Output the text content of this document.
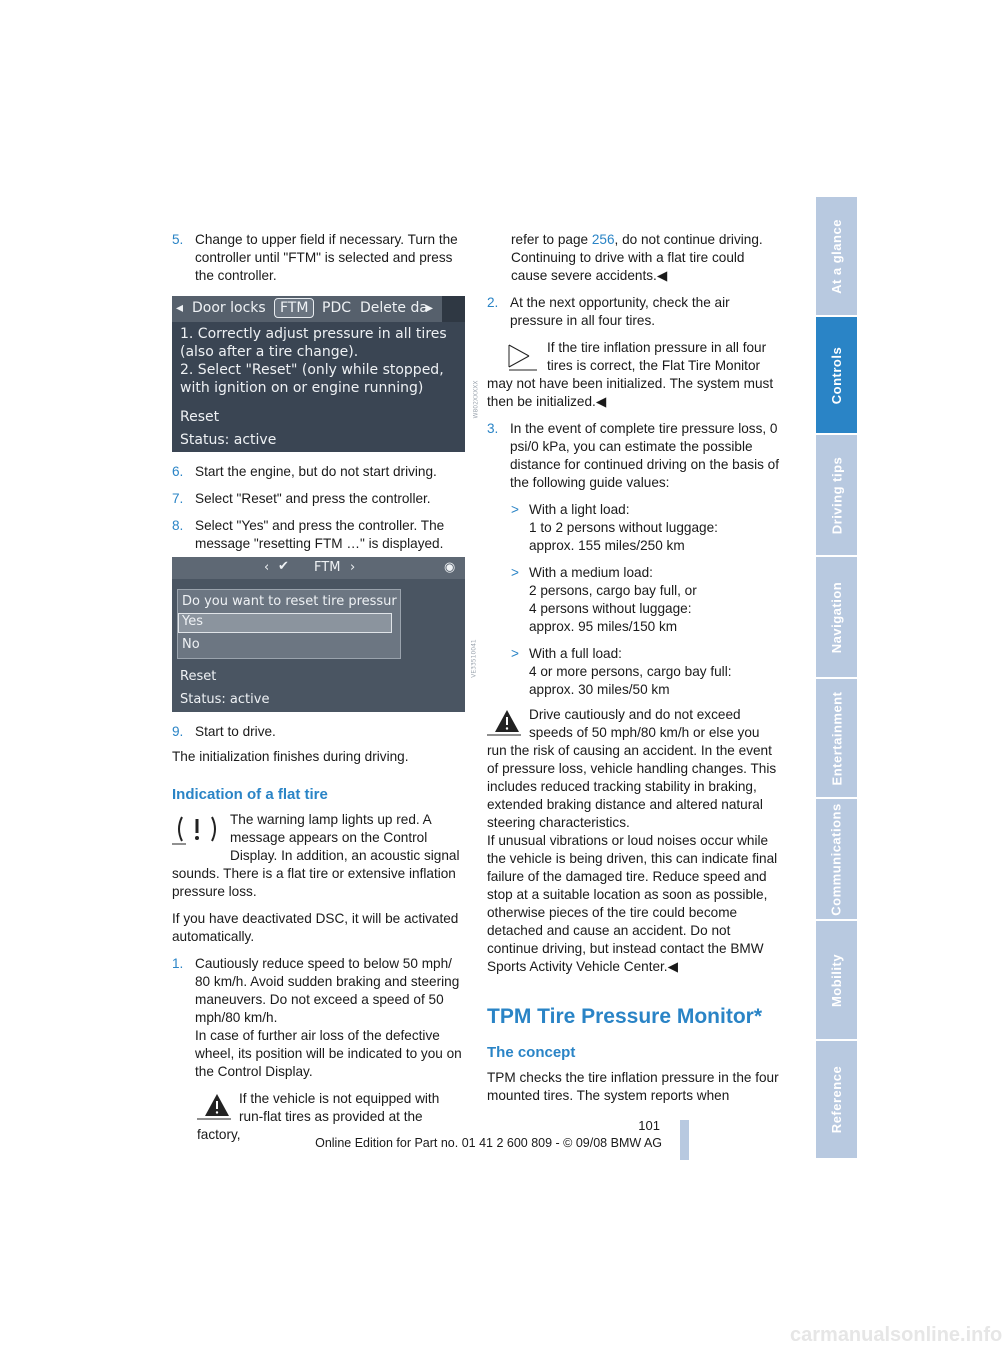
At a glance
Controls
Driving tips
Navigation
Entertainment
Communications
Mobility
Reference
5. Change to upper field if necessary. Turn the controller until "FTM" is selected and press the controller.
◂ Door locks	FTM PDC Delete da
▸
1. Correctly adjust pressure in all tires
(also after a tire change).
2. Select "Reset" (only while stopped,
with ignition on or engine running)
Reset
Status: active
W802XXXXX
6. Start the engine, but do not start driving.
7. Select "Reset" and press the controller.
8. Select "Yes" and press the controller. The message "resetting FTM …" is displayed.
‹ ✔ FTM ›	◉
Do you want to reset tire pressur
Yes
No
Reset
Status: active
VE33510041
9. Start to drive.

The initialization finishes during driving.

Indication of a flat tire
The warning lamp lights up red. A message appears on the Control Display. In addition, an acoustic signal sounds. There is a flat tire or extensive inflation pressure loss.

If you have deactivated DSC, it will be activated automatically.

1. Cautiously reduce speed to below 50 mph/ 80 km/h. Avoid sudden braking and steering maneuvers. Do not exceed a speed of 50 mph/80 km/h.
In case of further air loss of the defective wheel, its position will be indicated to you on the Control Display.
If the vehicle is not equipped with run-flat tires as provided at the factory,

refer to page 256, do not continue driving. Continuing to drive with a flat tire could cause severe accidents.◀

2. At the next opportunity, check the air pressure in all four tires.
If the tire inflation pressure in all four tires is correct, the Flat Tire Monitor may not have been initialized. The system must then be initialized.◀
3. In the event of complete tire pressure loss, 0 psi/0 kPa, you can estimate the possible distance for continued driving on the basis of the following guide values:
> With a light load:
1 to 2 persons without luggage:
approx. 155 miles/250 km
> With a medium load:
2 persons, cargo bay full, or
4 persons without luggage:
approx. 95 miles/150 km
> With a full load:
4 or more persons, cargo bay full:
approx. 30 miles/50 km
Drive cautiously and do not exceed speeds of 50 mph/80 km/h or else you run the risk of causing an accident. In the event of pressure loss, vehicle handling changes. This includes reduced tracking stability in braking, extended braking distance and altered natural steering characteristics.
If unusual vibrations or loud noises occur while the vehicle is being driven, this can indicate final failure of the damaged tire. Reduce speed and stop at a suitable location as soon as possible, otherwise pieces of the tire could become detached and cause an accident. Do not continue driving, but instead contact the BMW Sports Activity Vehicle Center.◀
TPM Tire Pressure Monitor*
The concept

TPM checks the tire inflation pressure in the four mounted tires. The system reports when

101
Online Edition for Part no. 01 41 2 600 809 - © 09/08 BMW AG
carmanualsonline.info
